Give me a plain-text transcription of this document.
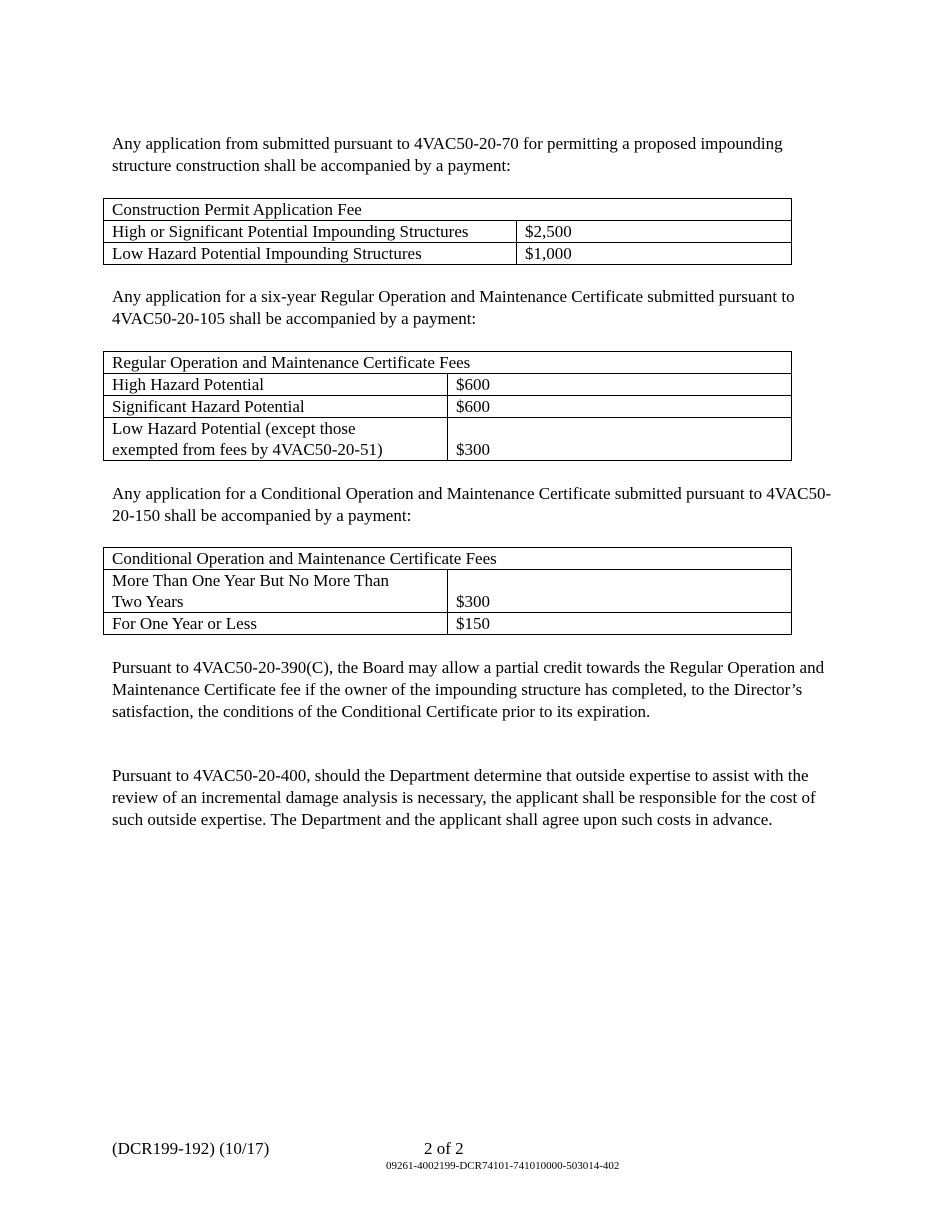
Any application from submitted pursuant to 4VAC50-20-70 for permitting a proposed impounding structure construction shall be accompanied by a payment:

Construction Permit Application Fee	
High or Significant Potential Impounding Structures	$2,500
Low Hazard Potential Impounding Structures	$1,000

Any application for a six-year Regular Operation and Maintenance Certificate submitted pursuant to 4VAC50-20-105 shall be accompanied by a payment:

Regular Operation and Maintenance Certificate Fees	
High Hazard Potential	$600
Significant Hazard Potential	$600
Low Hazard Potential (except those
exempted from fees by 4VAC50-20-51)	$300

Any application for a Conditional Operation and Maintenance Certificate submitted pursuant to 4VAC50-20-150 shall be accompanied by a payment:

Conditional Operation and Maintenance Certificate Fees	
More Than One Year But No More Than
Two Years	$300
For One Year or Less	$150

Pursuant to 4VAC50-20-390(C), the Board may allow a partial credit towards the Regular Operation and Maintenance Certificate fee if the owner of the impounding structure has completed, to the Director’s satisfaction, the conditions of the Conditional Certificate prior to its expiration.

Pursuant to 4VAC50-20-400, should the Department determine that outside expertise to assist with the review of an incremental damage analysis is necessary, the applicant shall be responsible for the cost of such outside expertise. The Department and the applicant shall agree upon such costs in advance.

(DCR199-192) (10/17)	2 of 2
09261-4002199-DCR74101-741010000-503014-402
